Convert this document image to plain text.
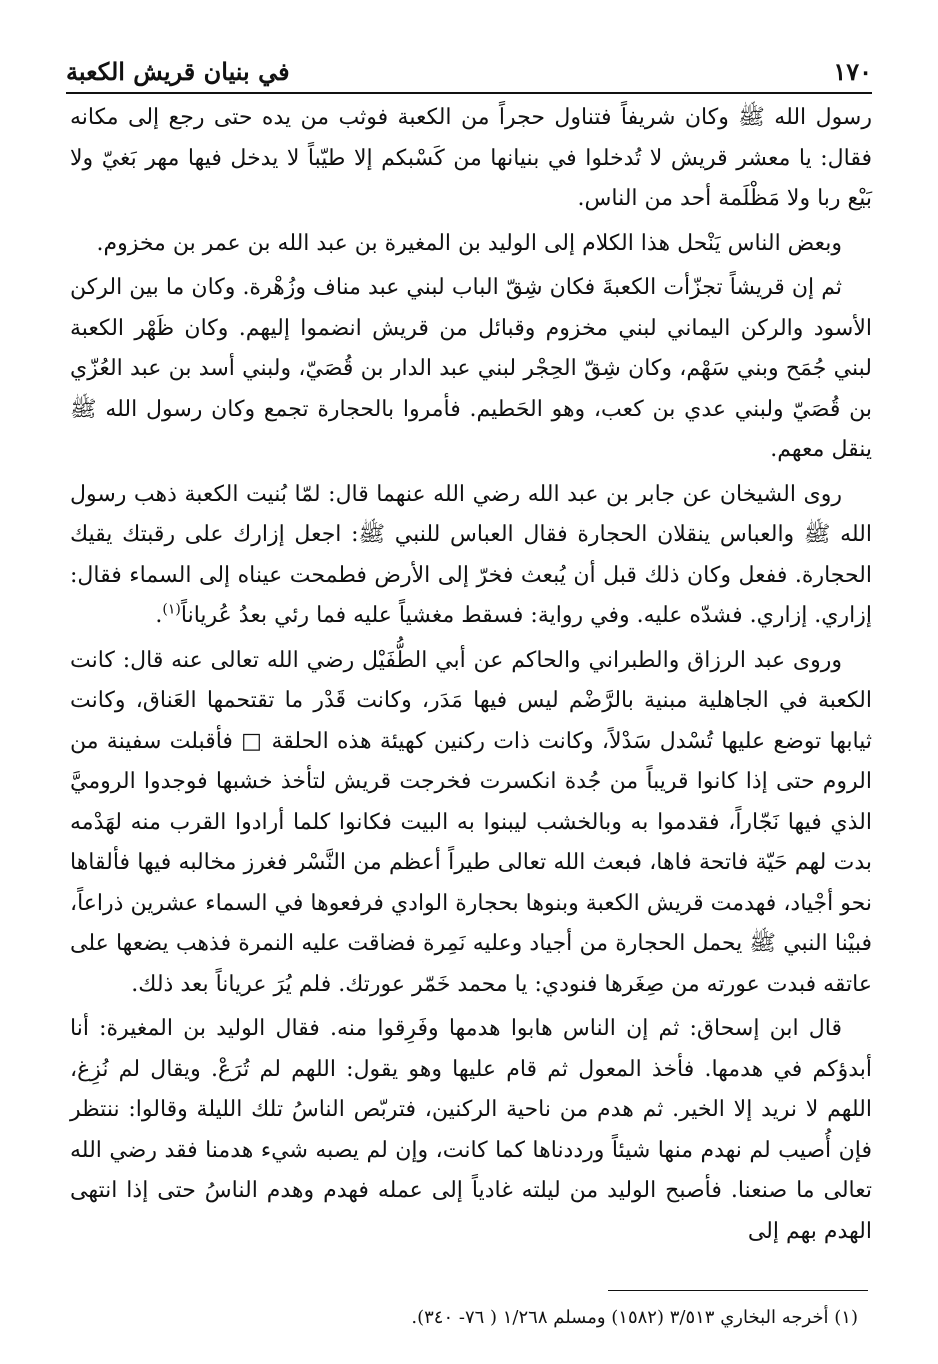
١٧٠
في بنيان قريش الكعبة

رسول الله ﷺ وكان شريفاً فتناول حجراً من الكعبة فوثب من يده حتى رجع إلى مكانه فقال: يا معشر قريش لا تُدخلوا في بنيانها من كَسْبكم إلا طيّباً لا يدخل فيها مهر بَغيّ ولا بَيْع ربا ولا مَظْلَمة أحد من الناس.

وبعض الناس يَنْحل هذا الكلام إلى الوليد بن المغيرة بن عبد الله بن عمر بن مخزوم.

ثم إن قريشاً تجزّأت الكعبةَ فكان شِقّ الباب لبني عبد مناف وزُهْرة. وكان ما بين الركن الأسود والركن اليماني لبني مخزوم وقبائل من قريش انضموا إليهم. وكان ظَهْر الكعبة لبني جُمَح وبني سَهْم، وكان شِقّ الحِجْر لبني عبد الدار بن قُصَيّ، ولبني أسد بن عبد العُزّي بن قُصَيّ ولبني عدي بن كعب، وهو الحَطيم. فأمروا بالحجارة تجمع وكان رسول الله ﷺ ينقل معهم.

روى الشيخان عن جابر بن عبد الله رضي الله عنهما قال: لمّا بُنيت الكعبة ذهب رسول الله ﷺ والعباس ينقلان الحجارة فقال العباس للنبي ﷺ: اجعل إزارك على رقبتك يقيك الحجارة. ففعل وكان ذلك قبل أن يُبعث فخرّ إلى الأرض فطمحت عيناه إلى السماء فقال: إزاري. إزاري. فشدّه عليه. وفي رواية: فسقط مغشياً عليه فما رئي بعدُ عُرياناً$^{(١)}$.

وروى عبد الرزاق والطبراني والحاكم عن أبي الطُّفَيْل رضي الله تعالى عنه قال: كانت الكعبة في الجاهلية مبنية بالرَّضْم ليس فيها مَدَر، وكانت قَدْر ما تقتحمها العَناق، وكانت ثيابها توضع عليها تُسْدل سَدْلاً، وكانت ذات ركنين كهيئة هذه الحلقة □ فأقبلت سفينة من الروم حتى إذا كانوا قريباً من جُدة انكسرت فخرجت قريش لتأخذ خشبها فوجدوا الروميَّ الذي فيها نَجّاراً، فقدموا به وبالخشب ليبنوا به البيت فكانوا كلما أرادوا القرب منه لهَدْمه بدت لهم حَيّة فاتحة فاها، فبعث الله تعالى طيراً أعظم من النَّسْر فغرز مخالبه فيها فألقاها نحو أجْياد، فهدمت قريش الكعبة وبنوها بحجارة الوادي فرفعوها في السماء عشرين ذراعاً، فبيْنا النبي ﷺ يحمل الحجارة من أجياد وعليه نَمِرة فضاقت عليه النمرة فذهب يضعها على عاتقه فبدت عورته من صِغَرها فنودي: يا محمد خَمّر عورتك. فلم يُرَ عرياناً بعد ذلك.

قال ابن إسحاق: ثم إن الناس هابوا هدمها وفَرِقوا منه. فقال الوليد بن المغيرة: أنا أبدؤكم في هدمها. فأخذ المعول ثم قام عليها وهو يقول: اللهم لم تُرَعْ. ويقال لم نُزِغ، اللهم لا نريد إلا الخير. ثم هدم من ناحية الركنين، فتربّص الناسُ تلك الليلة وقالوا: ننتظر فإن أُصيب لم نهدم منها شيئاً ورددناها كما كانت، وإن لم يصبه شيء هدمنا فقد رضي الله تعالى ما صنعنا. فأصبح الوليد من ليلته غادياً إلى عمله فهدم وهدم الناسُ حتى إذا انتهى الهدم بهم إلى

(١) أخرجه البخاري ٣/٥١٣ (١٥٨٢) ومسلم ١/٢٦٨ ( ٧٦- ٣٤٠).
